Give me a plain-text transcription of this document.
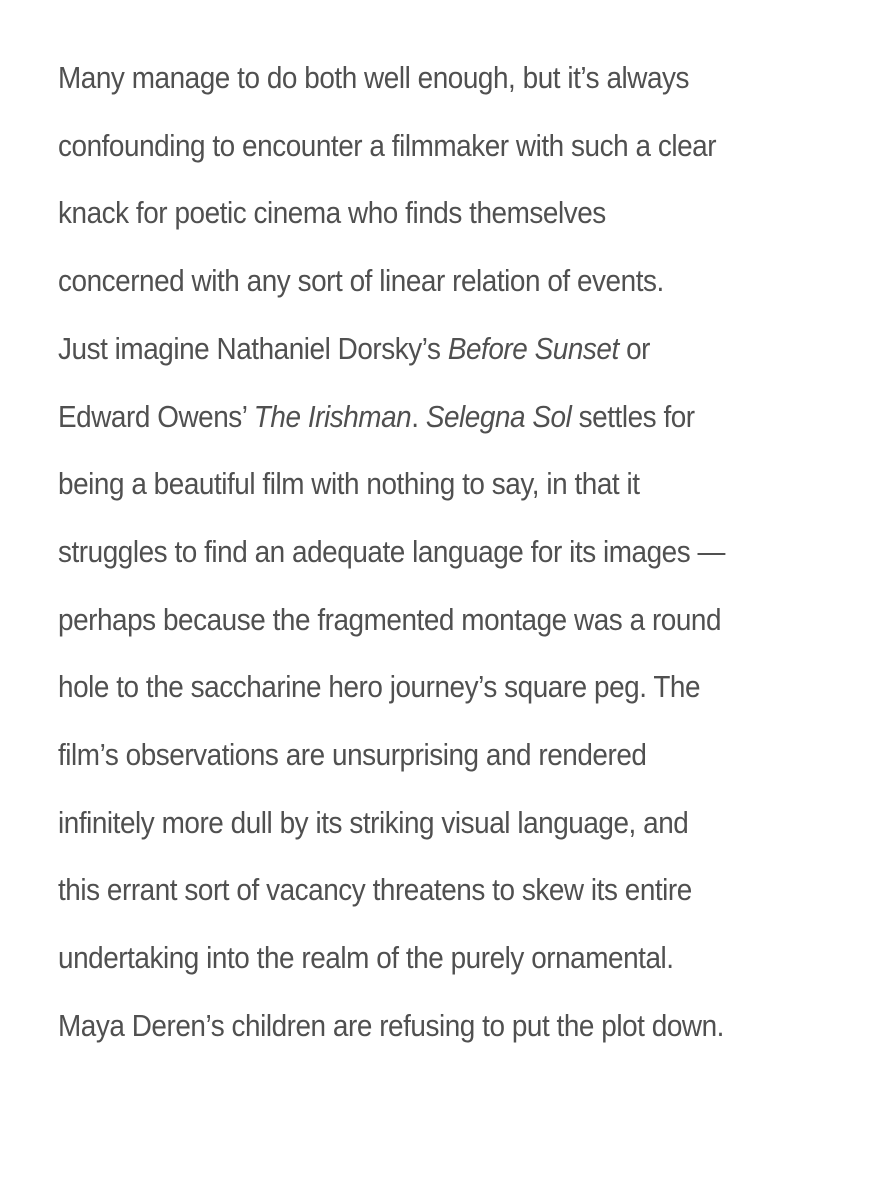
Many manage to do both well enough, but it’s always
confounding to encounter a filmmaker with such a clear
knack for poetic cinema who finds themselves
concerned with any sort of linear relation of events.
Just imagine Nathaniel Dorsky’s Before Sunset or
Edward Owens’ The Irishman. Selegna Sol settles for
being a beautiful film with nothing to say, in that it
struggles to find an adequate language for its images —
perhaps because the fragmented montage was a round
hole to the saccharine hero journey’s square peg. The
film’s observations are unsurprising and rendered
infinitely more dull by its striking visual language, and
this errant sort of vacancy threatens to skew its entire
undertaking into the realm of the purely ornamental.
Maya Deren’s children are refusing to put the plot down.
